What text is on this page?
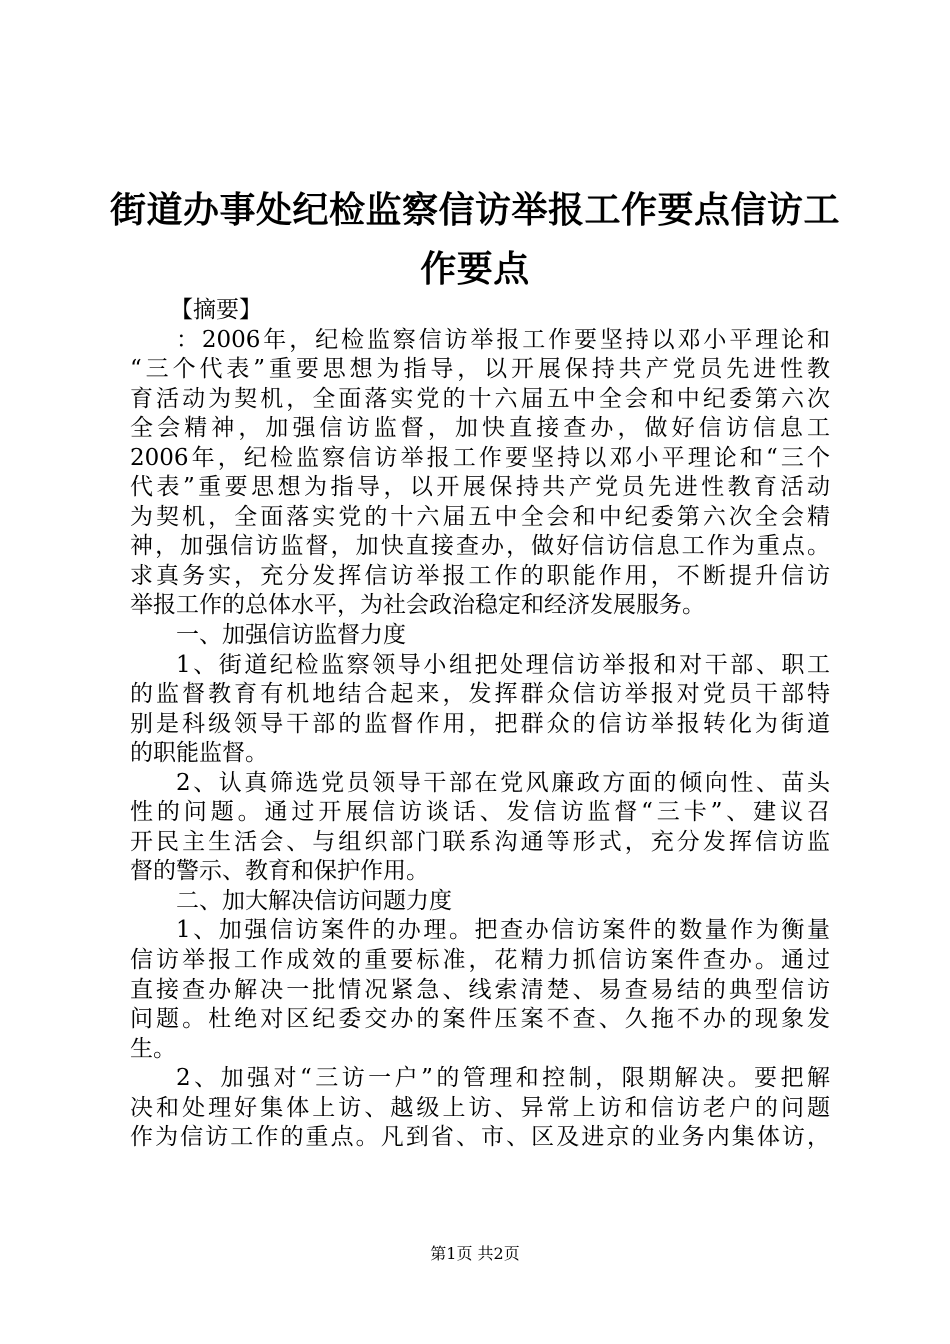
街道办事处纪检监察信访举报工作要点信访工
作要点
【摘要】
：2006年，纪检监察信访举报工作要坚持以邓小平理论和
“三个代表”重要思想为指导，以开展保持共产党员先进性教
育活动为契机，全面落实党的十六届五中全会和中纪委第六次
全会精神，加强信访监督，加快直接查办，做好信访信息工
2006年，纪检监察信访举报工作要坚持以邓小平理论和“三个
代表”重要思想为指导，以开展保持共产党员先进性教育活动
为契机，全面落实党的十六届五中全会和中纪委第六次全会精
神，加强信访监督，加快直接查办，做好信访信息工作为重点。
求真务实，充分发挥信访举报工作的职能作用，不断提升信访
举报工作的总体水平，为社会政治稳定和经济发展服务。
一、加强信访监督力度
1、街道纪检监察领导小组把处理信访举报和对干部、职工
的监督教育有机地结合起来，发挥群众信访举报对党员干部特
别是科级领导干部的监督作用，把群众的信访举报转化为街道
的职能监督。
2、认真筛选党员领导干部在党风廉政方面的倾向性、苗头
性的问题。通过开展信访谈话、发信访监督“三卡”、建议召
开民主生活会、与组织部门联系沟通等形式，充分发挥信访监
督的警示、教育和保护作用。
二、加大解决信访问题力度
1、加强信访案件的办理。把查办信访案件的数量作为衡量
信访举报工作成效的重要标准，花精力抓信访案件查办。通过
直接查办解决一批情况紧急、线索清楚、易查易结的典型信访
问题。杜绝对区纪委交办的案件压案不查、久拖不办的现象发
生。
2、加强对“三访一户”的管理和控制，限期解决。要把解
决和处理好集体上访、越级上访、异常上访和信访老户的问题
作为信访工作的重点。凡到省、市、区及进京的业务内集体访，
第1页 共2页
